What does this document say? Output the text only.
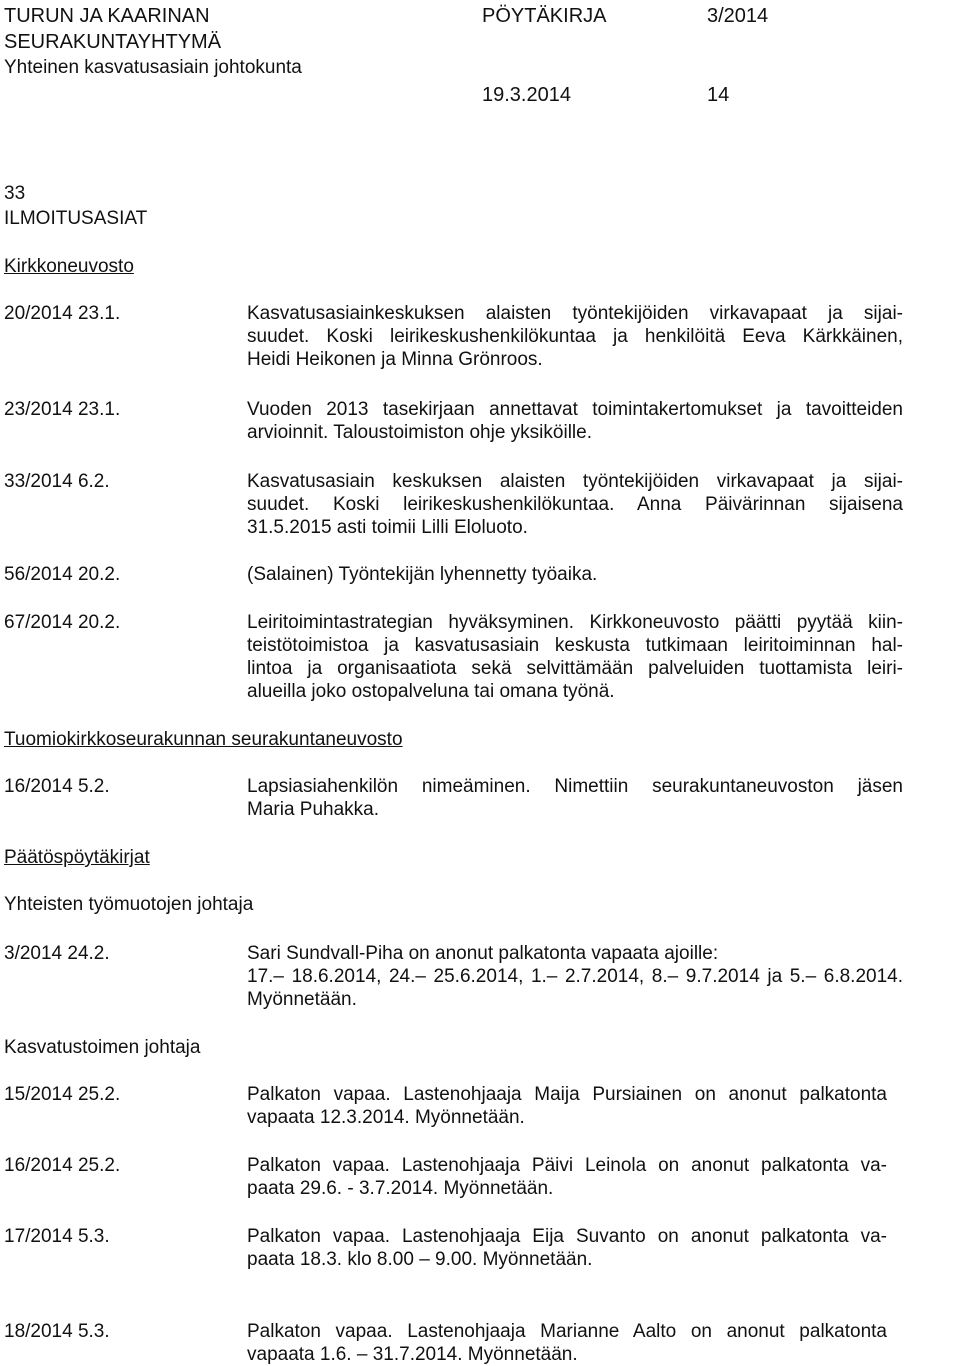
TURUN JA KAARINAN
SEURAKUNTAYHTYMÄ
Yhteinen kasvatusasiain johtokunta
PÖYTÄKIRJA	3/2014
19.3.2014	14
33
ILMOITUSASIAT
Kirkkoneuvosto
20/2014 23.1.	Kasvatusasiainkeskuksen alaisten työntekijöiden virkavapaat ja sijai-

suudet. Koski leirikeskushenkilökuntaa ja henkilöitä Eeva Kärkkäinen,

Heidi Heikonen ja Minna Grönroos.

23/2014 23.1.	Vuoden 2013 tasekirjaan annettavat toimintakertomukset ja tavoitteiden

arvioinnit. Taloustoimiston ohje yksiköille.

33/2014 6.2.	Kasvatusasiain keskuksen alaisten työntekijöiden virkavapaat ja sijai-

suudet. Koski leirikeskushenkilökuntaa. Anna Päivärinnan sijaisena

31.5.2015 asti toimii Lilli Eloluoto.

56/2014 20.2.	(Salainen) Työntekijän lyhennetty työaika.

67/2014 20.2.	Leiritoimintastrategian hyväksyminen. Kirkkoneuvosto päätti pyytää kiin-

teistötoimistoa ja kasvatusasiain keskusta tutkimaan leiritoiminnan hal-

lintoa ja organisaatiota sekä selvittämään palveluiden tuottamista leiri-

alueilla joko ostopalveluna tai omana työnä.

Tuomiokirkkoseurakunnan seurakuntaneuvosto
16/2014 5.2.	Lapsiasiahenkilön nimeäminen. Nimettiin seurakuntaneuvoston jäsen

Maria Puhakka.

Päätöspöytäkirjat
Yhteisten työmuotojen johtaja
3/2014 24.2.	Sari Sundvall-Piha on anonut palkatonta vapaata ajoille:

17.– 18.6.2014, 24.– 25.6.2014, 1.– 2.7.2014, 8.– 9.7.2014 ja 5.– 6.8.2014.

Myönnetään.

Kasvatustoimen johtaja
15/2014 25.2.	Palkaton vapaa. Lastenohjaaja Maija Pursiainen on anonut palkatonta

vapaata 12.3.2014. Myönnetään.

16/2014 25.2.	Palkaton vapaa. Lastenohjaaja Päivi Leinola on anonut palkatonta va-

paata 29.6. - 3.7.2014. Myönnetään.

17/2014 5.3.	Palkaton vapaa. Lastenohjaaja Eija Suvanto on anonut palkatonta va-

paata 18.3. klo 8.00 – 9.00. Myönnetään.

18/2014 5.3.	Palkaton vapaa. Lastenohjaaja Marianne Aalto on anonut palkatonta

vapaata 1.6. – 31.7.2014. Myönnetään.
